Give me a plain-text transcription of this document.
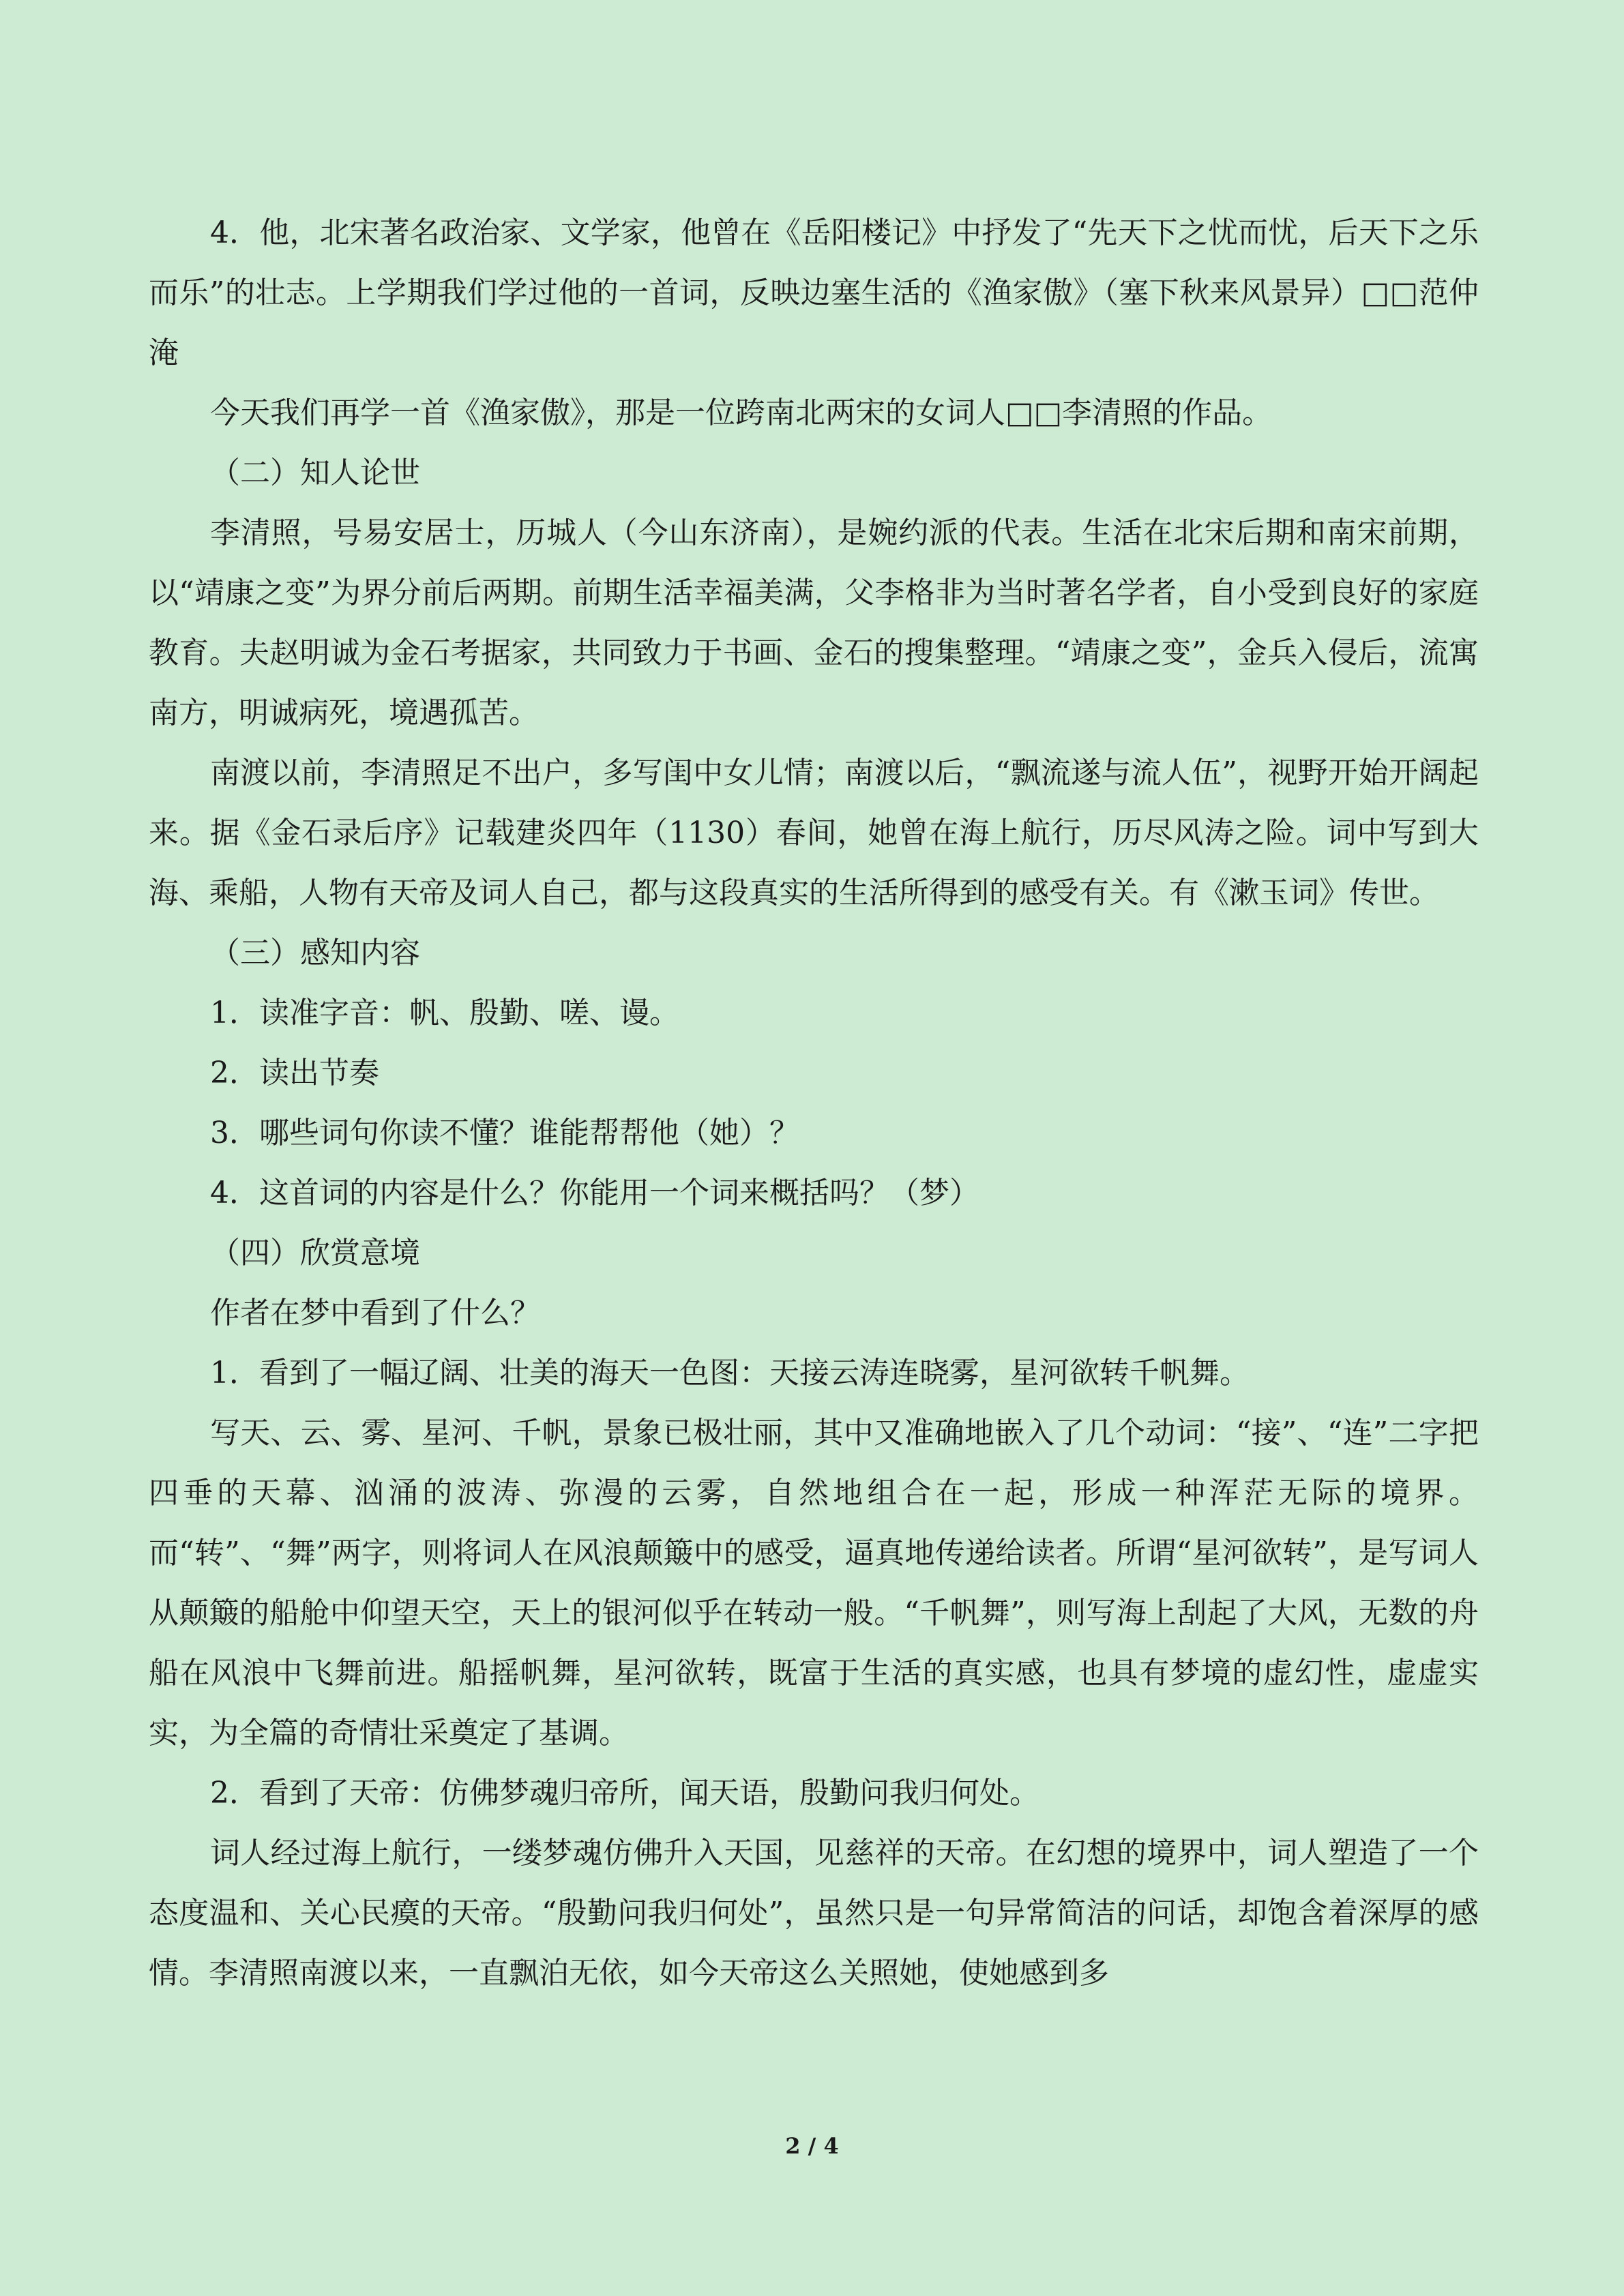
4．他，北宋著名政治家、文学家，他曾在《岳阳楼记》中抒发了“先天下之忧而忧，后天下之乐而乐”的壮志。上学期我们学过他的一首词，反映边塞生活的《渔家傲》（塞下秋来风景异）□□范仲淹

今天我们再学一首《渔家傲》，那是一位跨南北两宋的女词人□□李清照的作品。

（二）知人论世

李清照，号易安居士，历城人（今山东济南），是婉约派的代表。生活在北宋后期和南宋前期，以“靖康之变”为界分前后两期。前期生活幸福美满，父李格非为当时著名学者，自小受到良好的家庭教育。夫赵明诚为金石考据家，共同致力于书画、金石的搜集整理。“靖康之变”，金兵入侵后，流寓南方，明诚病死，境遇孤苦。

南渡以前，李清照足不出户，多写闺中女儿情；南渡以后，“飘流遂与流人伍”，视野开始开阔起来。据《金石录后序》记载建炎四年（1130）春间，她曾在海上航行，历尽风涛之险。词中写到大海、乘船，人物有天帝及词人自己，都与这段真实的生活所得到的感受有关。有《漱玉词》传世。

（三）感知内容

1．读准字音：帆、殷勤、嗟、谩。

2．读出节奏

3．哪些词句你读不懂？谁能帮帮他（她）？

4．这首词的内容是什么？你能用一个词来概括吗？（梦）

（四）欣赏意境

作者在梦中看到了什么？

1．看到了一幅辽阔、壮美的海天一色图：天接云涛连晓雾，星河欲转千帆舞。

写天、云、雾、星河、千帆，景象已极壮丽，其中又准确地嵌入了几个动词：“接”、“连”二字把四垂的天幕、汹涌的波涛、弥漫的云雾，自然地组合在一起，形成一种浑茫无际的境界。而“转”、“舞”两字，则将词人在风浪颠簸中的感受，逼真地传递给读者。所谓“星河欲转”，是写词人从颠簸的船舱中仰望天空，天上的银河似乎在转动一般。“千帆舞”，则写海上刮起了大风，无数的舟船在风浪中飞舞前进。船摇帆舞，星河欲转，既富于生活的真实感，也具有梦境的虚幻性，虚虚实实，为全篇的奇情壮采奠定了基调。

2．看到了天帝：仿佛梦魂归帝所，闻天语，殷勤问我归何处。

词人经过海上航行，一缕梦魂仿佛升入天国，见慈祥的天帝。在幻想的境界中，词人塑造了一个态度温和、关心民瘼的天帝。“殷勤问我归何处”，虽然只是一句异常简洁的问话，却饱含着深厚的感情。李清照南渡以来，一直飘泊无依，如今天帝这么关照她，使她感到多

2 / 4
